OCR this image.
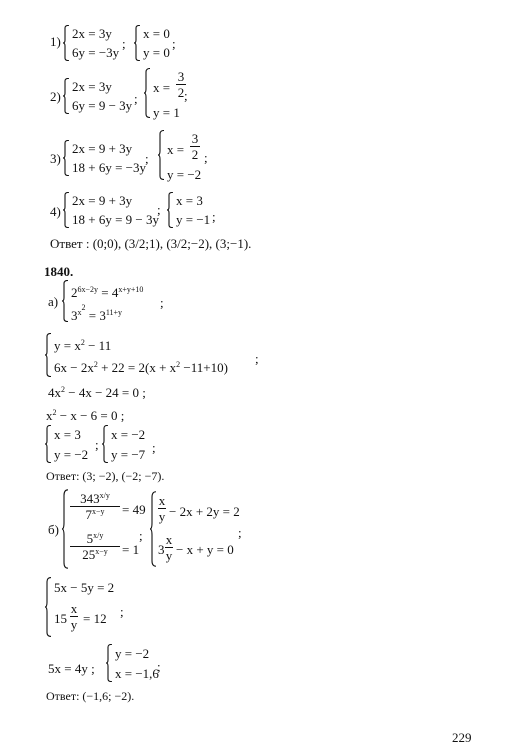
1)
2x = 3y
6y = −3y
;
x = 0
y = 0
;
2)
2x = 3y
6y = 9 − 3y ;
x =
3
2
y = 1
;
3)
2x = 9 + 3y
18 + 6y = −3y
;
x =
3
2
y = −2
;
4)
2x = 9 + 3y
18 + 6y = 9 − 3y
;
x = 3
y = −1 ;
Ответ : (0;0), (3/2;1), (3/2;−2), (3;−1).
1840.
а)
$2^{6x-2y} = 4^{x+y+10}$
$3^{x^2} = 3^{11+y}$
;
$y = x^2 - 11$
$6x - 2x^2 + 22 = 2(x + x^2 -11+10)$
;
$4x^2 - 4x - 24 = 0$ ;
$x^2 - x - 6 = 0$ ;
x = 3
y = −2
;
x = −2
y = −7 ;
Ответ: (3; −2), (−2; −7).
б)
$343^{x/y}$
$7^{x-y}$	= 49
$5^{x/y}$
$25^{x-y}$	= 1
;
x
y − 2x + 2y = 2
3
x
y − x + y = 0
;
5x − 5y = 2
15
x
y = 12 ;
5x = 4y ;
y = −2
x = −1,6
;
Ответ: (−1,6; −2).
229
